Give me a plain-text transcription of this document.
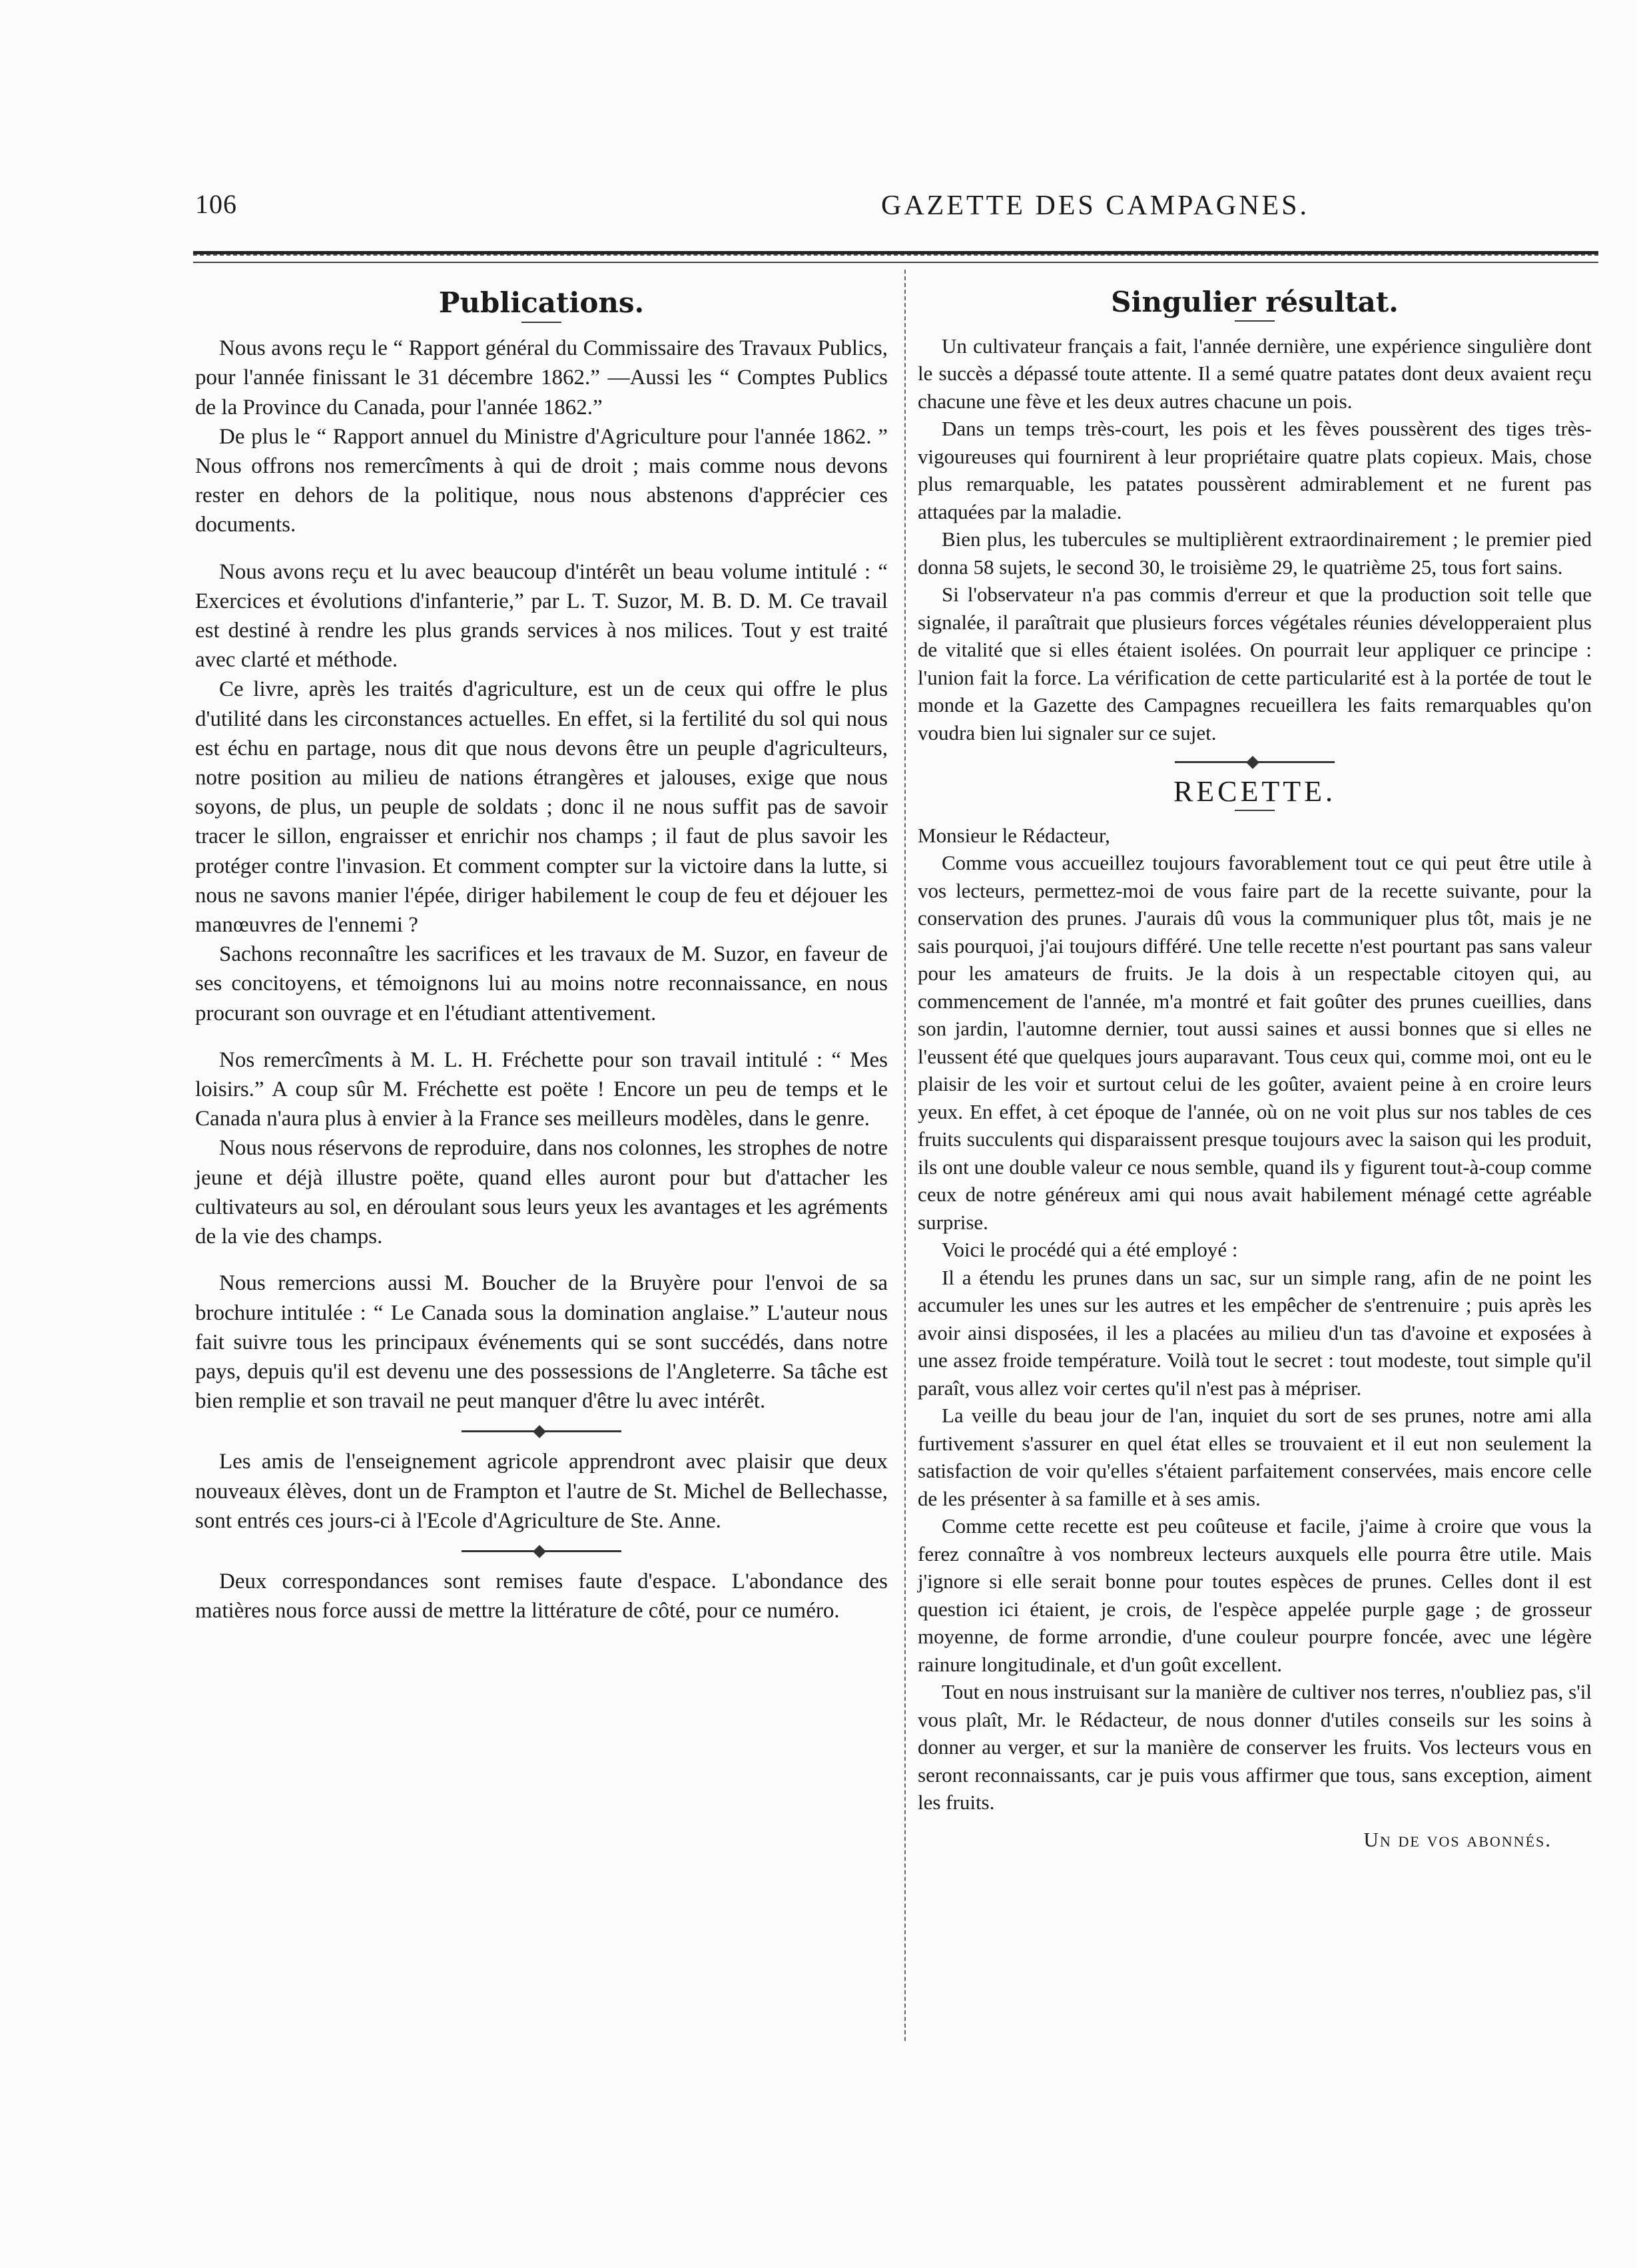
106	GAZETTE DES CAMPAGNES.
Publications.

Nous avons reçu le “ Rapport général du Commissaire des Travaux Publics, pour l'année finissant le 31 décembre 1862.” —Aussi les “ Comptes Publics de la Province du Canada, pour l'année 1862.”

De plus le “ Rapport annuel du Ministre d'Agriculture pour l'année 1862. ” Nous offrons nos remercîments à qui de droit ; mais comme nous devons rester en dehors de la politique, nous nous abstenons d'apprécier ces documents.

Nous avons reçu et lu avec beaucoup d'intérêt un beau volume intitulé : “ Exercices et évolutions d'infanterie,” par L. T. Suzor, M. B. D. M. Ce travail est destiné à rendre les plus grands services à nos milices. Tout y est traité avec clarté et méthode.

Ce livre, après les traités d'agriculture, est un de ceux qui offre le plus d'utilité dans les circonstances actuelles. En effet, si la fertilité du sol qui nous est échu en partage, nous dit que nous devons être un peuple d'agriculteurs, notre position au milieu de nations étrangères et jalouses, exige que nous soyons, de plus, un peuple de soldats ; donc il ne nous suffit pas de savoir tracer le sillon, engraisser et enrichir nos champs ; il faut de plus savoir les protéger contre l'invasion. Et comment compter sur la victoire dans la lutte, si nous ne savons manier l'épée, diriger habilement le coup de feu et déjouer les manœuvres de l'ennemi ?

Sachons reconnaître les sacrifices et les travaux de M. Suzor, en faveur de ses concitoyens, et témoignons lui au moins notre reconnaissance, en nous procurant son ouvrage et en l'étudiant attentivement.

Nos remercîments à M. L. H. Fréchette pour son travail intitulé : “ Mes loisirs.” A coup sûr M. Fréchette est poëte ! Encore un peu de temps et le Canada n'aura plus à envier à la France ses meilleurs modèles, dans le genre.

Nous nous réservons de reproduire, dans nos colonnes, les strophes de notre jeune et déjà illustre poëte, quand elles auront pour but d'attacher les cultivateurs au sol, en déroulant sous leurs yeux les avantages et les agréments de la vie des champs.

Nous remercions aussi M. Boucher de la Bruyère pour l'envoi de sa brochure intitulée : “ Le Canada sous la domination anglaise.” L'auteur nous fait suivre tous les principaux événements qui se sont succédés, dans notre pays, depuis qu'il est devenu une des possessions de l'Angleterre. Sa tâche est bien remplie et son travail ne peut manquer d'être lu avec intérêt.

Les amis de l'enseignement agricole apprendront avec plaisir que deux nouveaux élèves, dont un de Frampton et l'autre de St. Michel de Bellechasse, sont entrés ces jours-ci à l'Ecole d'Agriculture de Ste. Anne.

Deux correspondances sont remises faute d'espace. L'abondance des matières nous force aussi de mettre la littérature de côté, pour ce numéro.

Singulier résultat.

Un cultivateur français a fait, l'année dernière, une expérience singulière dont le succès a dépassé toute attente. Il a semé quatre patates dont deux avaient reçu chacune une fève et les deux autres chacune un pois.

Dans un temps très-court, les pois et les fèves poussèrent des tiges très-vigoureuses qui fournirent à leur propriétaire quatre plats copieux. Mais, chose plus remarquable, les patates poussèrent admirablement et ne furent pas attaquées par la maladie.

Bien plus, les tubercules se multiplièrent extraordinairement ; le premier pied donna 58 sujets, le second 30, le troisième 29, le quatrième 25, tous fort sains.

Si l'observateur n'a pas commis d'erreur et que la production soit telle que signalée, il paraîtrait que plusieurs forces végétales réunies développeraient plus de vitalité que si elles étaient isolées. On pourrait leur appliquer ce principe : l'union fait la force. La vérification de cette particularité est à la portée de tout le monde et la Gazette des Campagnes recueillera les faits remarquables qu'on voudra bien lui signaler sur ce sujet.

RECETTE.

Monsieur le Rédacteur,

Comme vous accueillez toujours favorablement tout ce qui peut être utile à vos lecteurs, permettez-moi de vous faire part de la recette suivante, pour la conservation des prunes. J'aurais dû vous la communiquer plus tôt, mais je ne sais pourquoi, j'ai toujours différé. Une telle recette n'est pourtant pas sans valeur pour les amateurs de fruits. Je la dois à un respectable citoyen qui, au commencement de l'année, m'a montré et fait goûter des prunes cueillies, dans son jardin, l'automne dernier, tout aussi saines et aussi bonnes que si elles ne l'eussent été que quelques jours auparavant. Tous ceux qui, comme moi, ont eu le plaisir de les voir et surtout celui de les goûter, avaient peine à en croire leurs yeux. En effet, à cet époque de l'année, où on ne voit plus sur nos tables de ces fruits succulents qui disparaissent presque toujours avec la saison qui les produit, ils ont une double valeur ce nous semble, quand ils y figurent tout-à-coup comme ceux de notre généreux ami qui nous avait habilement ménagé cette agréable surprise.

Voici le procédé qui a été employé :

Il a étendu les prunes dans un sac, sur un simple rang, afin de ne point les accumuler les unes sur les autres et les empêcher de s'entrenuire ; puis après les avoir ainsi disposées, il les a placées au milieu d'un tas d'avoine et exposées à une assez froide température. Voilà tout le secret : tout modeste, tout simple qu'il paraît, vous allez voir certes qu'il n'est pas à mépriser.

La veille du beau jour de l'an, inquiet du sort de ses prunes, notre ami alla furtivement s'assurer en quel état elles se trouvaient et il eut non seulement la satisfaction de voir qu'elles s'étaient parfaitement conservées, mais encore celle de les présenter à sa famille et à ses amis.

Comme cette recette est peu coûteuse et facile, j'aime à croire que vous la ferez connaître à vos nombreux lecteurs auxquels elle pourra être utile. Mais j'ignore si elle serait bonne pour toutes espèces de prunes. Celles dont il est question ici étaient, je crois, de l'espèce appelée purple gage ; de grosseur moyenne, de forme arrondie, d'une couleur pourpre foncée, avec une légère rainure longitudinale, et d'un goût excellent.

Tout en nous instruisant sur la manière de cultiver nos terres, n'oubliez pas, s'il vous plaît, Mr. le Rédacteur, de nous donner d'utiles conseils sur les soins à donner au verger, et sur la manière de conserver les fruits. Vos lecteurs vous en seront reconnaissants, car je puis vous affirmer que tous, sans exception, aiment les fruits.

Un de vos abonnés.
